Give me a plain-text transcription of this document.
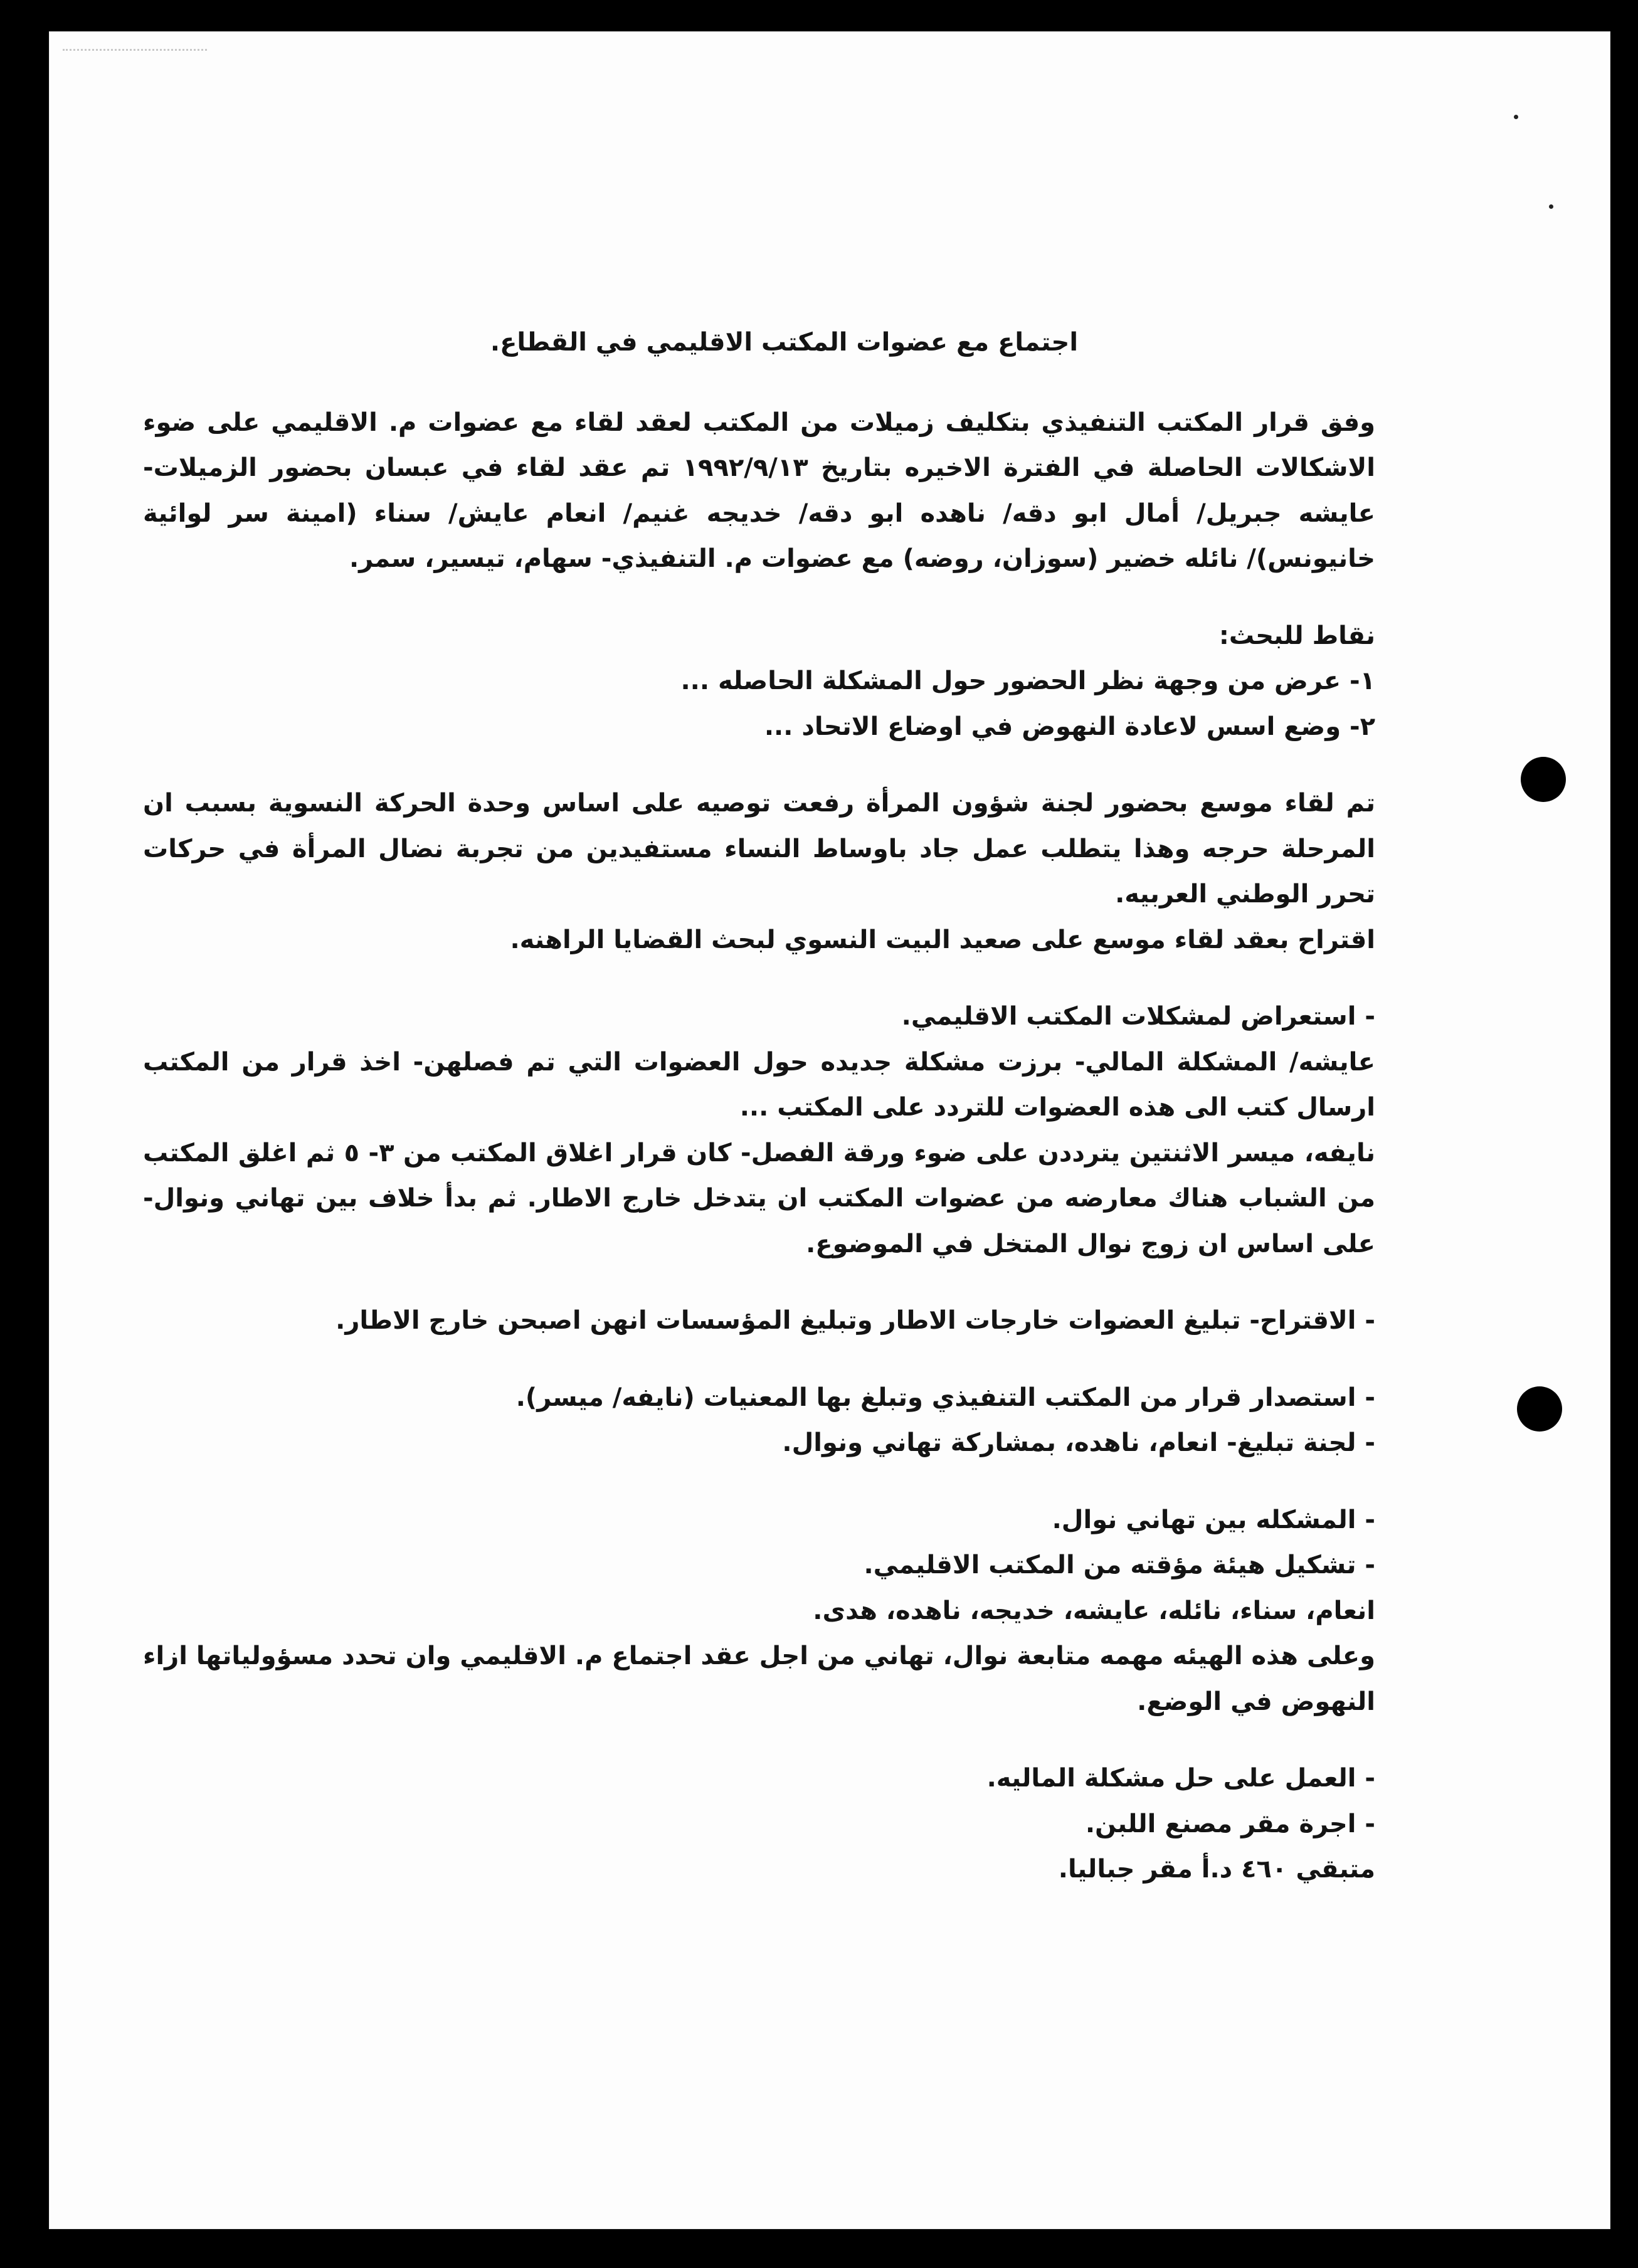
اجتماع مع عضوات المكتب الاقليمي في القطاع.

وفق قرار المكتب التنفيذي بتكليف زميلات من المكتب لعقد لقاء مع عضوات م. الاقليمي على ضوء الاشكالات الحاصلة في الفترة الاخيره بتاريخ ١٩٩٢/٩/١٣ تم عقد لقاء في عبسان بحضور الزميلات- عايشه جبريل/ أمال ابو دقه/ ناهده ابو دقه/ خديجه غنيم/ انعام عايش/ سناء (امينة سر لوائية خانيونس)/ نائله خضير (سوزان، روضه) مع عضوات م. التنفيذي- سهام، تيسير، سمر.

نقاط للبحث:

١- عرض من وجهة نظر الحضور حول المشكلة الحاصله ...

٢- وضع اسس لاعادة النهوض في اوضاع الاتحاد ...

تم لقاء موسع بحضور لجنة شؤون المرأة رفعت توصيه على اساس وحدة الحركة النسوية بسبب ان المرحلة حرجه وهذا يتطلب عمل جاد باوساط النساء مستفيدين من تجربة نضال المرأة في حركات تحرر الوطني العربيه.

اقتراح بعقد لقاء موسع على صعيد البيت النسوي لبحث القضايا الراهنه.

- استعراض لمشكلات المكتب الاقليمي.

عايشه/ المشكلة المالي- برزت مشكلة جديده حول العضوات التي تم فصلهن- اخذ قرار من المكتب ارسال كتب الى هذه العضوات للتردد على المكتب ...

نايفه، ميسر الاثنتين يترددن على ضوء ورقة الفصل- كان قرار اغلاق المكتب من ٣- ٥ ثم اغلق المكتب من الشباب هناك معارضه من عضوات المكتب ان يتدخل خارج الاطار. ثم بدأ خلاف بين تهاني ونوال- على اساس ان زوج نوال المتخل في الموضوع.

- الاقتراح- تبليغ العضوات خارجات الاطار وتبليغ المؤسسات انهن اصبحن خارج الاطار.

- استصدار قرار من المكتب التنفيذي وتبلغ بها المعنيات (نايفه/ ميسر).

- لجنة تبليغ- انعام، ناهده، بمشاركة تهاني ونوال.

- المشكله بين تهاني نوال.

- تشكيل هيئة مؤقته من المكتب الاقليمي.

انعام، سناء، نائله، عايشه، خديجه، ناهده، هدى.

وعلى هذه الهيئه مهمه متابعة نوال، تهاني من اجل عقد اجتماع م. الاقليمي وان تحدد مسؤولياتها ازاء النهوض في الوضع.

- العمل على حل مشكلة الماليه.

- اجرة مقر مصنع اللبن.

متبقي ٤٦٠ د.أ مقر جباليا.
